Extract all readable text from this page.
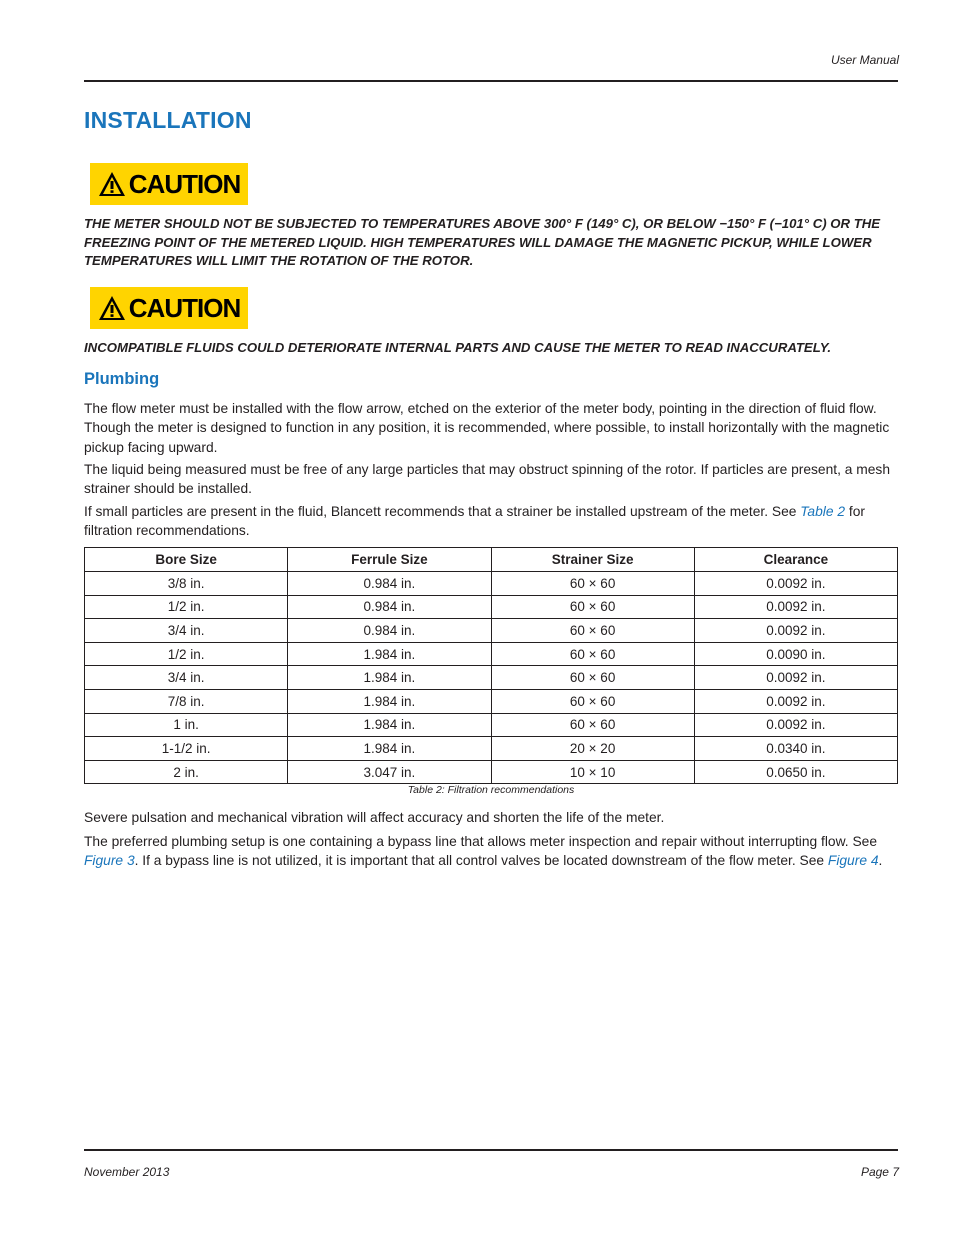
User Manual
INSTALLATION
CAUTION

THE METER SHOULD NOT BE SUBJECTED TO TEMPERATURES ABOVE 300° F (149° C), OR BELOW −150° F (−101° C) OR THE FREEZING POINT OF THE METERED LIQUID. HIGH TEMPERATURES WILL DAMAGE THE MAGNETIC PICKUP, WHILE LOWER TEMPERATURES WILL LIMIT THE ROTATION OF THE ROTOR.

CAUTION

INCOMPATIBLE FLUIDS COULD DETERIORATE INTERNAL PARTS AND CAUSE THE METER TO READ INACCURATELY.

Plumbing

The flow meter must be installed with the flow arrow, etched on the exterior of the meter body, pointing in the direction of fluid flow. Though the meter is designed to function in any position, it is recommended, where possible, to install horizontally with the magnetic pickup facing upward.

The liquid being measured must be free of any large particles that may obstruct spinning of the rotor. If particles are present, a mesh strainer should be installed.

If small particles are present in the fluid, Blancett recommends that a strainer be installed upstream of the meter. See Table 2 for filtration recommendations.

Bore Size	Ferrule Size	Strainer Size	Clearance
3/8 in.	0.984 in.	60 × 60	0.0092 in.
1/2 in.	0.984 in.	60 × 60	0.0092 in.
3/4 in.	0.984 in.	60 × 60	0.0092 in.
1/2 in.	1.984 in.	60 × 60	0.0090 in.
3/4 in.	1.984 in.	60 × 60	0.0092 in.
7/8 in.	1.984 in.	60 × 60	0.0092 in.
1 in.	1.984 in.	60 × 60	0.0092 in.
1-1/2 in.	1.984 in.	20 × 20	0.0340 in.
2 in.	3.047 in.	10 × 10	0.0650 in.
Table 2: Filtration recommendations

Severe pulsation and mechanical vibration will affect accuracy and shorten the life of the meter.

The preferred plumbing setup is one containing a bypass line that allows meter inspection and repair without interrupting flow. See Figure 3. If a bypass line is not utilized, it is important that all control valves be located downstream of the flow meter. See Figure 4.

November 2013	Page 7
